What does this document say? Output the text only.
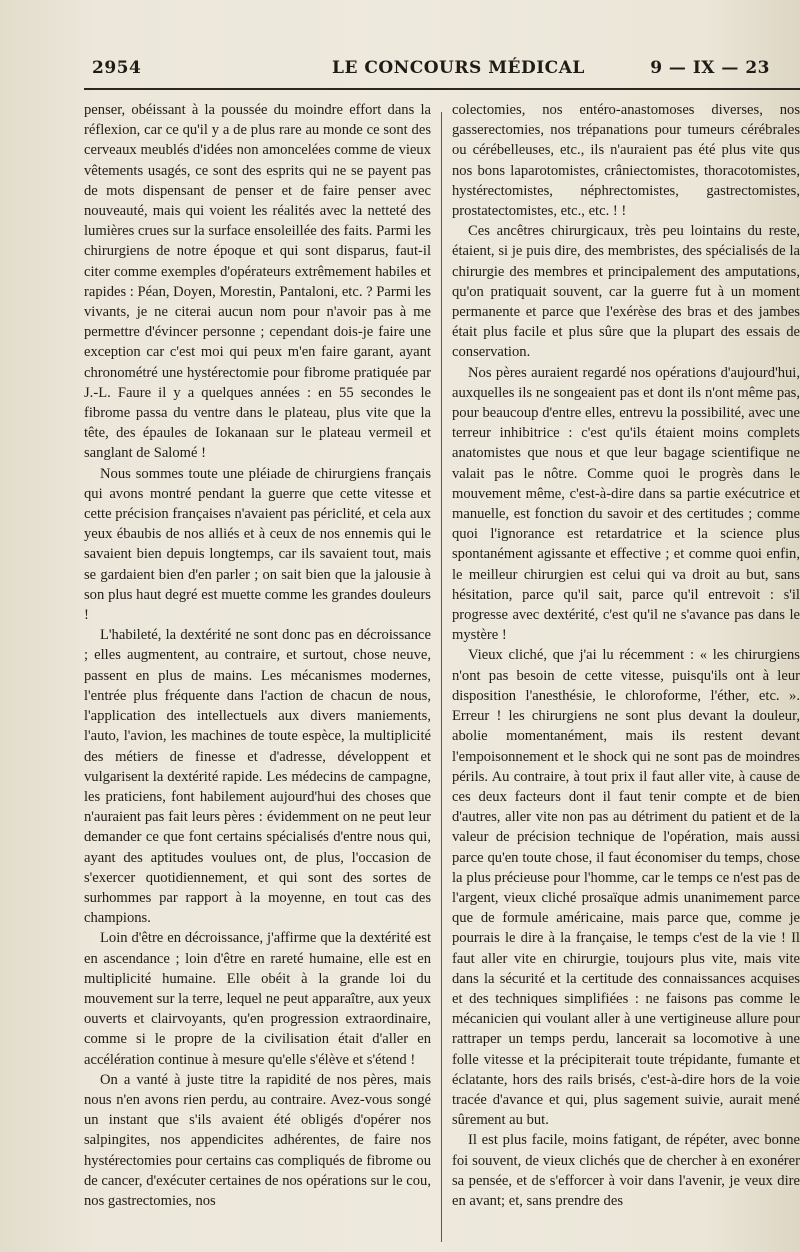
2954	LE CONCOURS MÉDICAL	9 — IX — 23

penser, obéissant à la poussée du moindre effort dans la réflexion, car ce qu'il y a de plus rare au monde ce sont des cerveaux meublés d'idées non amoncelées comme de vieux vêtements usagés, ce sont des esprits qui ne se payent pas de mots dispensant de penser et de faire penser avec nouveauté, mais qui voient les réalités avec la netteté des lumières crues sur la surface ensoleillée des faits. Parmi les chirurgiens de notre époque et qui sont disparus, faut-il citer comme exemples d'opérateurs extrêmement habiles et rapides : Péan, Doyen, Morestin, Pantaloni, etc. ? Parmi les vivants, je ne citerai aucun nom pour n'avoir pas à me permettre d'évincer personne ; cependant dois-je faire une exception car c'est moi qui peux m'en faire garant, ayant chronométré une hystérectomie pour fibrome pratiquée par J.-L. Faure il y a quelques années : en 55 secondes le fibrome passa du ventre dans le plateau, plus vite que la tête, des épaules de Iokanaan sur le plateau vermeil et sanglant de Salomé !

Nous sommes toute une pléiade de chirurgiens français qui avons montré pendant la guerre que cette vitesse et cette précision françaises n'avaient pas périclité, et cela aux yeux ébaubis de nos alliés et à ceux de nos ennemis qui le savaient bien depuis longtemps, car ils savaient tout, mais se gardaient bien d'en parler ; on sait bien que la jalousie à son plus haut degré est muette comme les grandes douleurs !

L'habileté, la dextérité ne sont donc pas en décroissance ; elles augmentent, au contraire, et surtout, chose neuve, passent en plus de mains. Les mécanismes modernes, l'entrée plus fréquente dans l'action de chacun de nous, l'application des intellectuels aux divers maniements, l'auto, l'avion, les machines de toute espèce, la multiplicité des métiers de finesse et d'adresse, développent et vulgarisent la dextérité rapide. Les médecins de campagne, les praticiens, font habilement aujourd'hui des choses que n'auraient pas fait leurs pères : évidemment on ne peut leur demander ce que font certains spécialisés d'entre nous qui, ayant des aptitudes voulues ont, de plus, l'occasion de s'exercer quotidiennement, et qui sont des sortes de surhommes par rapport à la moyenne, en tout cas des champions.

Loin d'être en décroissance, j'affirme que la dextérité est en ascendance ; loin d'être en rareté humaine, elle est en multiplicité humaine. Elle obéit à la grande loi du mouvement sur la terre, lequel ne peut apparaître, aux yeux ouverts et clairvoyants, qu'en progression extraordinaire, comme si le propre de la civilisation était d'aller en accélération continue à mesure qu'elle s'élève et s'étend !

On a vanté à juste titre la rapidité de nos pères, mais nous n'en avons rien perdu, au contraire. Avez-vous songé un instant que s'ils avaient été obligés d'opérer nos salpingites, nos appendicites adhérentes, de faire nos hystérectomies pour certains cas compliqués de fibrome ou de cancer, d'exécuter certaines de nos opérations sur le cou, nos gastrectomies, nos

colectomies, nos entéro-anastomoses diverses, nos gasserectomies, nos trépanations pour tumeurs cérébrales ou cérébelleuses, etc., ils n'auraient pas été plus vite qus nos bons laparotomistes, crâniectomistes, thoracotomistes, hystérectomistes, néphrectomistes, gastrectomistes, prostatectomistes, etc., etc. ! !

Ces ancêtres chirurgicaux, très peu lointains du reste, étaient, si je puis dire, des membristes, des spécialisés de la chirurgie des membres et principalement des amputations, qu'on pratiquait souvent, car la guerre fut à un moment permanente et parce que l'exérèse des bras et des jambes était plus facile et plus sûre que la plupart des essais de conservation.

Nos pères auraient regardé nos opérations d'aujourd'hui, auxquelles ils ne songeaient pas et dont ils n'ont même pas, pour beaucoup d'entre elles, entrevu la possibilité, avec une terreur inhibitrice : c'est qu'ils étaient moins complets anatomistes que nous et que leur bagage scientifique ne valait pas le nôtre. Comme quoi le progrès dans le mouvement même, c'est-à-dire dans sa partie exécutrice et manuelle, est fonction du savoir et des certitudes ; comme quoi l'ignorance est retardatrice et la science plus spontanément agissante et effective ; et comme quoi enfin, le meilleur chirurgien est celui qui va droit au but, sans hésitation, parce qu'il sait, parce qu'il entrevoit : s'il progresse avec dextérité, c'est qu'il ne s'avance pas dans le mystère !

Vieux cliché, que j'ai lu récemment : « les chirurgiens n'ont pas besoin de cette vitesse, puisqu'ils ont à leur disposition l'anesthésie, le chloroforme, l'éther, etc. ». Erreur ! les chirurgiens ne sont plus devant la douleur, abolie momentanément, mais ils restent devant l'empoisonnement et le shock qui ne sont pas de moindres périls. Au contraire, à tout prix il faut aller vite, à cause de ces deux facteurs dont il faut tenir compte et de bien d'autres, aller vite non pas au détriment du patient et de la valeur de précision technique de l'opération, mais aussi parce qu'en toute chose, il faut économiser du temps, chose la plus précieuse pour l'homme, car le temps ce n'est pas de l'argent, vieux cliché prosaïque admis unanimement parce que de formule américaine, mais parce que, comme je pourrais le dire à la française, le temps c'est de la vie ! Il faut aller vite en chirurgie, toujours plus vite, mais vite dans la sécurité et la certitude des connaissances acquises et des techniques simplifiées : ne faisons pas comme le mécanicien qui voulant aller à une vertigineuse allure pour rattraper un temps perdu, lancerait sa locomotive à une folle vitesse et la précipiterait toute trépidante, fumante et éclatante, hors des rails brisés, c'est-à-dire hors de la voie tracée d'avance et qui, plus sagement suivie, aurait mené sûrement au but.

Il est plus facile, moins fatigant, de répéter, avec bonne foi souvent, de vieux clichés que de chercher à en exonérer sa pensée, et de s'efforcer à voir dans l'avenir, je veux dire en avant; et, sans prendre des
